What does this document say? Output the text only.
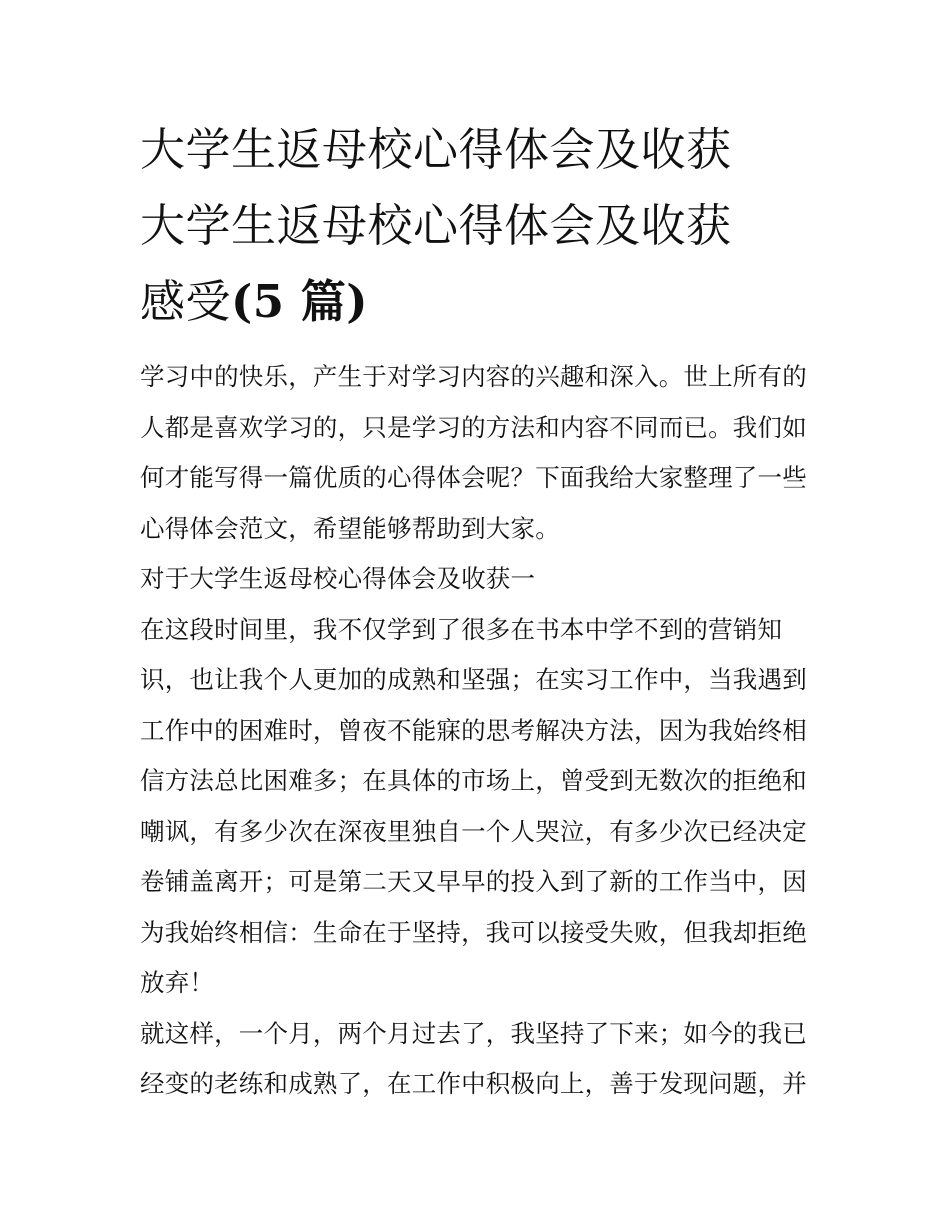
大学生返母校心得体会及收获
大学生返母校心得体会及收获
感受(5 篇)

学习中的快乐，产生于对学习内容的兴趣和深入。世上所有的
人都是喜欢学习的，只是学习的方法和内容不同而已。我们如
何才能写得一篇优质的心得体会呢？下面我给大家整理了一些
心得体会范文，希望能够帮助到大家。

对于大学生返母校心得体会及收获一

在这段时间里，我不仅学到了很多在书本中学不到的营销知
识，也让我个人更加的成熟和坚强；在实习工作中，当我遇到
工作中的困难时，曾夜不能寐的思考解决方法，因为我始终相
信方法总比困难多；在具体的市场上，曾受到无数次的拒绝和
嘲讽，有多少次在深夜里独自一个人哭泣，有多少次已经决定
卷铺盖离开；可是第二天又早早的投入到了新的工作当中，因
为我始终相信：生命在于坚持，我可以接受失败，但我却拒绝
放弃！

就这样，一个月，两个月过去了，我坚持了下来；如今的我已
经变的老练和成熟了，在工作中积极向上，善于发现问题，并
